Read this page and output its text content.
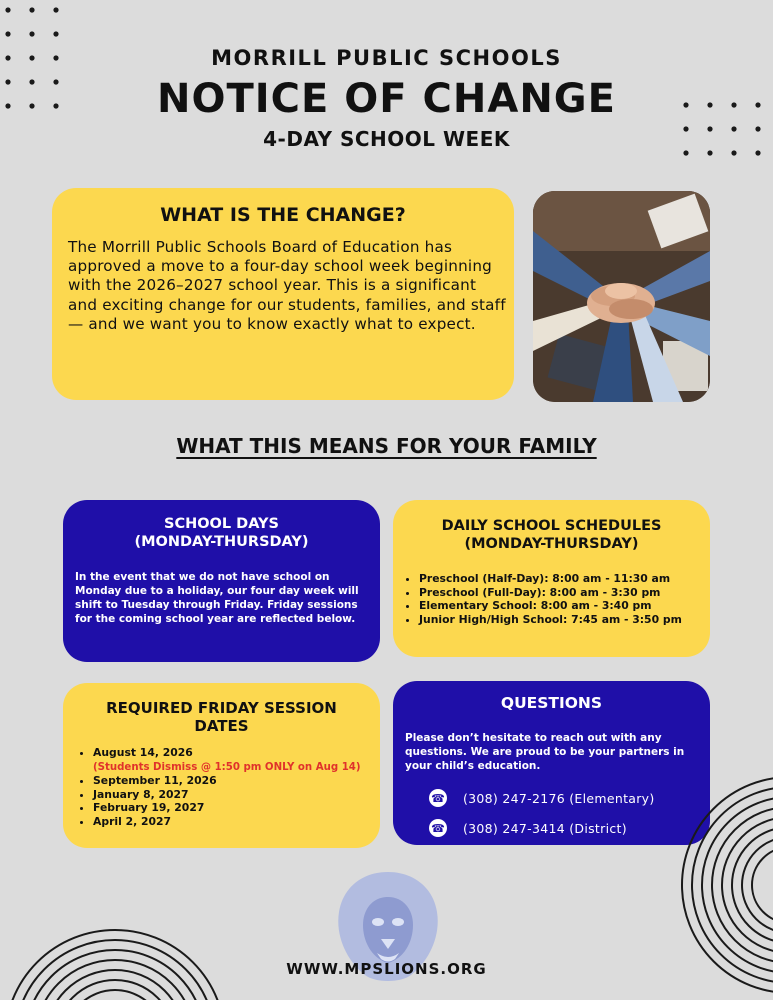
MORRILL PUBLIC SCHOOLS
NOTICE OF CHANGE
4-DAY SCHOOL WEEK
WHAT IS THE CHANGE?

The Morrill Public Schools Board of Education has approved a move to a four-day school week beginning with the 2026–2027 school year. This is a significant and exciting change for our students, families, and staff — and we want you to know exactly what to expect.

WHAT THIS MEANS FOR YOUR FAMILY
SCHOOL DAYS
(MONDAY-THURSDAY)

In the event that we do not have school on Monday due to a holiday, our four day week will shift to Tuesday through Friday. Friday sessions for the coming school year are reflected below.

DAILY SCHOOL SCHEDULES
(MONDAY-THURSDAY)
• Preschool (Half-Day): 8:00 am - 11:30 am
• Preschool (Full-Day): 8:00 am - 3:30 pm
• Elementary School: 8:00 am - 3:40 pm
• Junior High/High School: 7:45 am - 3:50 pm
REQUIRED FRIDAY SESSION
DATES
• August 14, 2026
(Students Dismiss @ 1:50 pm ONLY on Aug 14)
• September 11, 2026
• January 8, 2027
• February 19, 2027
• April 2, 2027
QUESTIONS

Please don’t hesitate to reach out with any questions. We are proud to be your partners in your child’s education.

☎ (308) 247-2176 (Elementary)
☎ (308) 247-3414 (District)
WWW.MPSLIONS.ORG
